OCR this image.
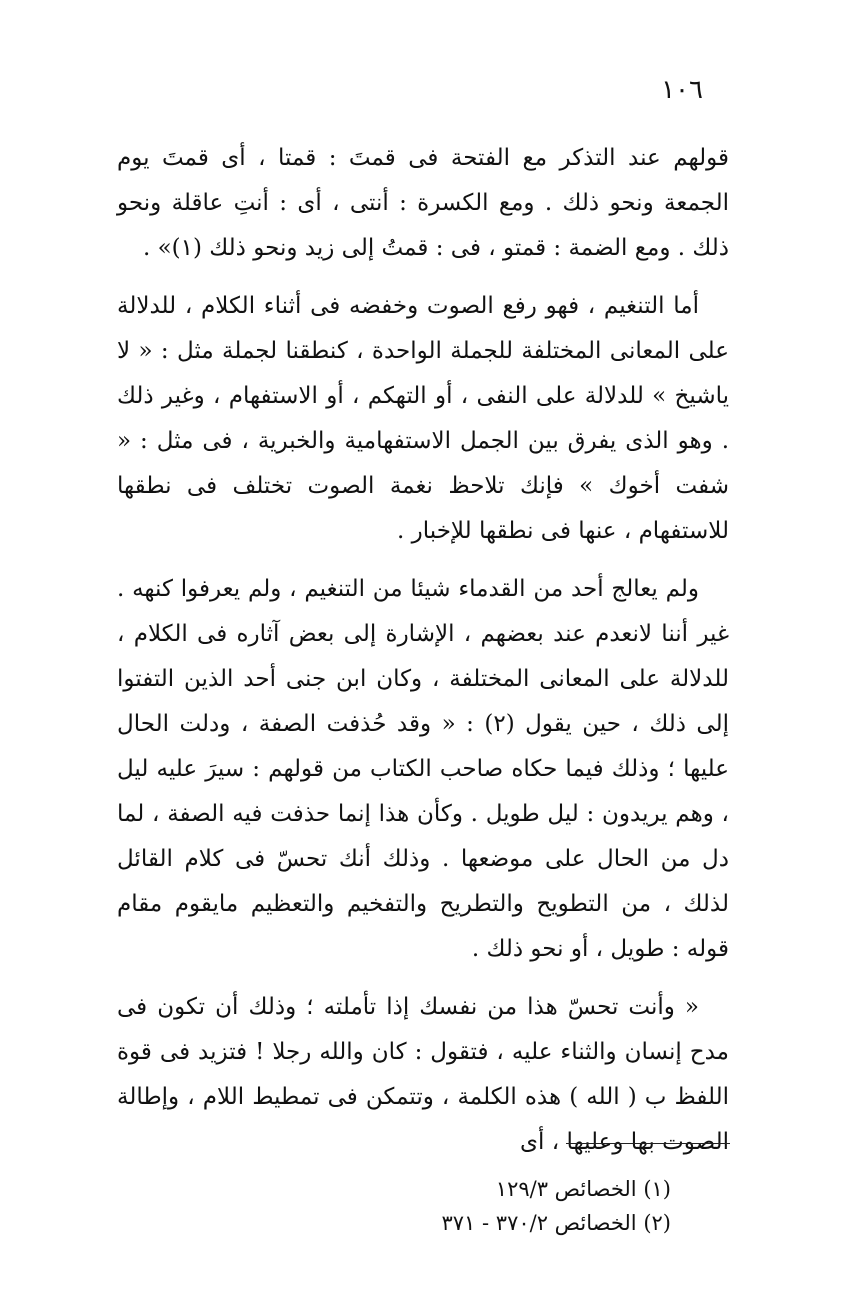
١٠٦

قولهم عند التذكر مع الفتحة فى قمتَ : قمتا ، أى قمتَ يوم الجمعة ونحو ذلك . ومع الكسرة : أنتى ، أى : أنتِ عاقلة ونحو ذلك . ومع الضمة : قمتو ، فى : قمتُ إلى زيد ونحو ذلك (١)» .

أما التنغيم ، فهو رفع الصوت وخفضه فى أثناء الكلام ، للدلالة على المعانى المختلفة للجملة الواحدة ، كنطقنا لجملة مثل : « لا ياشيخ » للدلالة على النفى ، أو التهكم ، أو الاستفهام ، وغير ذلك . وهو الذى يفرق بين الجمل الاستفهامية والخبرية ، فى مثل : « شفت أخوك » فإنك تلاحظ نغمة الصوت تختلف فى نطقها للاستفهام ، عنها فى نطقها للإخبار .

ولم يعالج أحد من القدماء شيئا من التنغيم ، ولم يعرفوا كنهه . غير أننا لانعدم عند بعضهم ، الإشارة إلى بعض آثاره فى الكلام ، للدلالة على المعانى المختلفة ، وكان ابن جنى أحد الذين التفتوا إلى ذلك ، حين يقول (٢) : « وقد حُذفت الصفة ، ودلت الحال عليها ؛ وذلك فيما حكاه صاحب الكتاب من قولهم : سيرَ عليه ليل ، وهم يريدون : ليل طويل . وكأن هذا إنما حذفت فيه الصفة ، لما دل من الحال على موضعها . وذلك أنك تحسّ فى كلام القائل لذلك ، من التطويح والتطريح والتفخيم والتعظيم مايقوم مقام قوله : طويل ، أو نحو ذلك .

« وأنت تحسّ هذا من نفسك إذا تأملته ؛ وذلك أن تكون فى مدح إنسان والثناء عليه ، فتقول : كان والله رجلا ! فتزيد فى قوة اللفظ ب ( الله ) هذه الكلمة ، وتتمكن فى تمطيط اللام ، وإطالة الصوت بها وعليها ، أى

(١) الخصائص ١٢٩/٣
(٢) الخصائص ٣٧٠/٢ - ٣٧١
